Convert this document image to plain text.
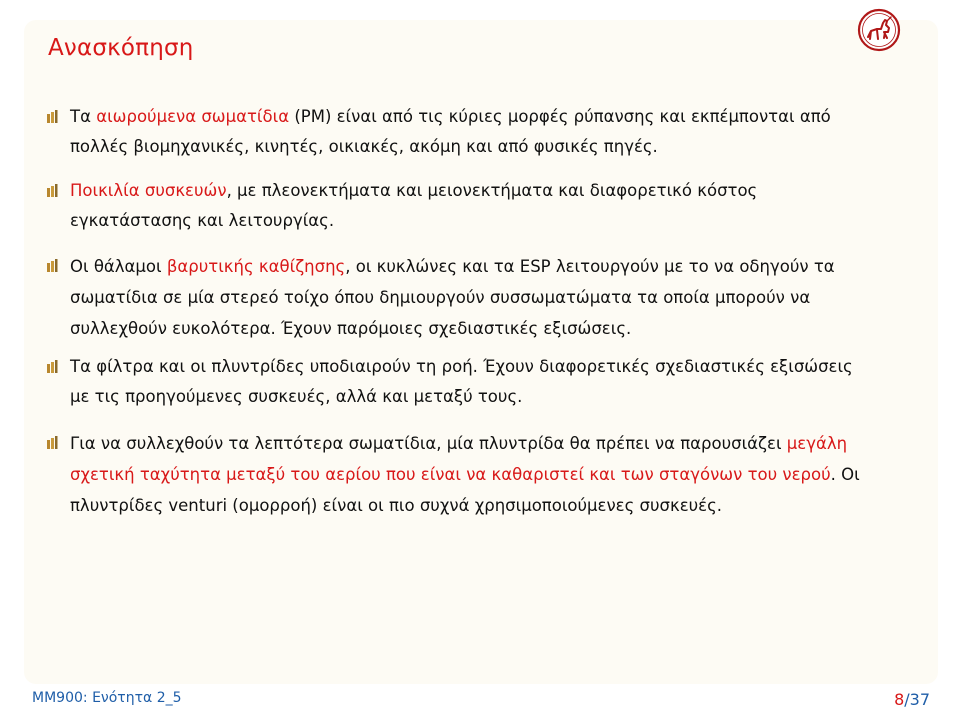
Ανασκόπηση
Τα αιωρούμενα σωματίδια (PM) είναι από τις κύριες μορφές ρύπανσης και εκπέμπονται από πολλές βιομηχανικές, κινητές, οικιακές, ακόμη και από φυσικές πηγές.
Ποικιλία συσκευών, με πλεονεκτήματα και μειονεκτήματα και διαφορετικό κόστος εγκατάστασης και λειτουργίας.
Οι θάλαμοι βαρυτικής καθίζησης, οι κυκλώνες και τα ESP λειτουργούν με το να οδηγούν τα σωματίδια σε μία στερεό τοίχο όπου δημιουργούν συσσωματώματα τα οποία μπορούν να συλλεχθούν ευκολότερα. Έχουν παρόμοιες σχεδιαστικές εξισώσεις.
Τα φίλτρα και οι πλυντρίδες υποδιαιρούν τη ροή. Έχουν διαφορετικές σχεδιαστικές εξισώσεις με τις προηγούμενες συσκευές, αλλά και μεταξύ τους.
Για να συλλεχθούν τα λεπτότερα σωματίδια, μία πλυντρίδα θα πρέπει να παρουσιάζει μεγάλη σχετική ταχύτητα μεταξύ του αερίου που είναι να καθαριστεί και των σταγόνων του νερού. Οι πλυντρίδες venturi (ομορροή) είναι οι πιο συχνά χρησιμοποιούμενες συσκευές.
ΜΜ900: Ενότητα 2_5	8/37
